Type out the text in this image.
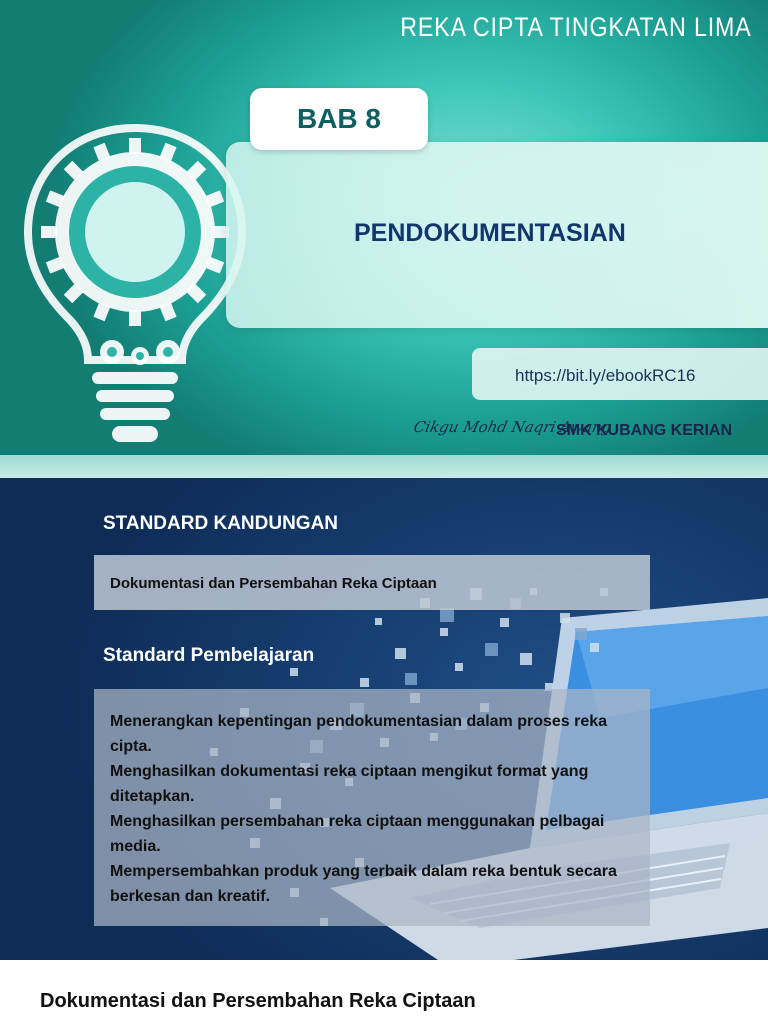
REKA CIPTA TINGKATAN LIMA
BAB 8
PENDOKUMENTASIAN
https://bit.ly/ebookRC16
Cikgu Mohd Naqri Awang
SMK KUBANG KERIAN
STANDARD KANDUNGAN
Dokumentasi dan Persembahan Reka Ciptaan
Standard Pembelajaran
Menerangkan kepentingan pendokumentasian dalam proses reka cipta.
Menghasilkan dokumentasi reka ciptaan mengikut format yang ditetapkan.
Menghasilkan persembahan reka ciptaan menggunakan pelbagai media.
Mempersembahkan produk yang terbaik dalam reka bentuk secara berkesan dan kreatif.
Dokumentasi dan Persembahan Reka Ciptaan
